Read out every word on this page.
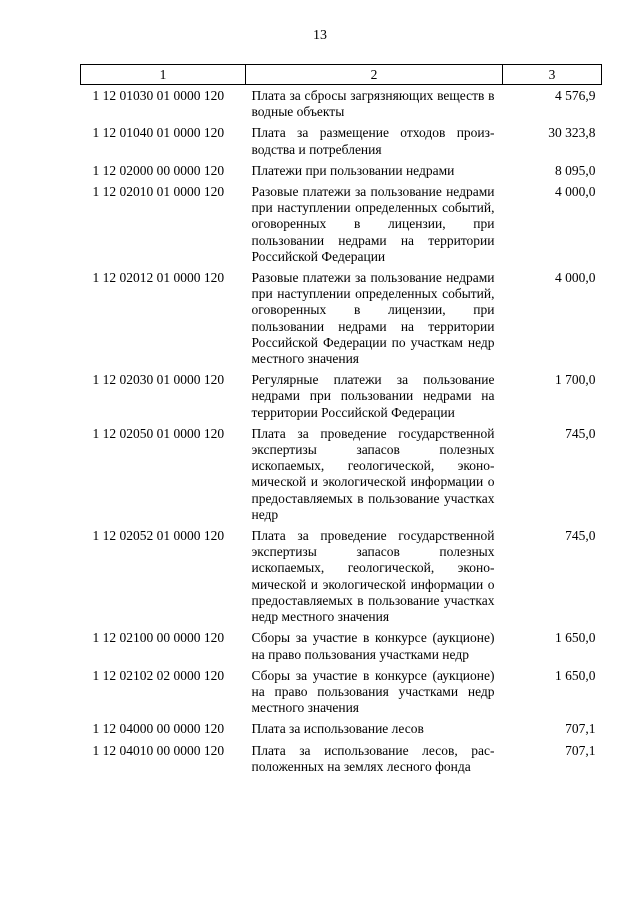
13
1	2	3
1 12 01030 01 0000 120	Плата за сбросы загрязняющих веществ в водные объекты	4 576,9
1 12 01040 01 0000 120	Плата за размещение отходов производства и потребления	30 323,8
1 12 02000 00 0000 120	Платежи при пользовании недрами	8 095,0
1 12 02010 01 0000 120	Разовые платежи за пользование недрами при наступлении определенных событий, оговоренных в лицензии, при пользовании недрами на территории Российской Федерации	4 000,0
1 12 02012 01 0000 120	Разовые платежи за пользование недрами при наступлении определенных событий, оговоренных в лицензии, при пользовании недрами на территории Российской Федерации по участкам недр местного значения	4 000,0
1 12 02030 01 0000 120	Регулярные платежи за пользование недрами при пользовании недрами на территории Российской Федерации	1 700,0
1 12 02050 01 0000 120	Плата за проведение государственной экспертизы запасов полезных ископаемых, геологической, экономической и экологической информации о предоставляемых в пользование участках недр	745,0
1 12 02052 01 0000 120	Плата за проведение государственной экспертизы запасов полезных ископаемых, геологической, экономической и экологической информации о предоставляемых в пользование участках недр местного значения	745,0
1 12 02100 00 0000 120	Сборы за участие в конкурсе (аукционе) на право пользования участками недр	1 650,0
1 12 02102 02 0000 120	Сборы за участие в конкурсе (аукционе) на право пользования участками недр местного значения	1 650,0
1 12 04000 00 0000 120	Плата за использование лесов	707,1
1 12 04010 00 0000 120	Плата за использование лесов, расположенных на землях лесного фонда	707,1
